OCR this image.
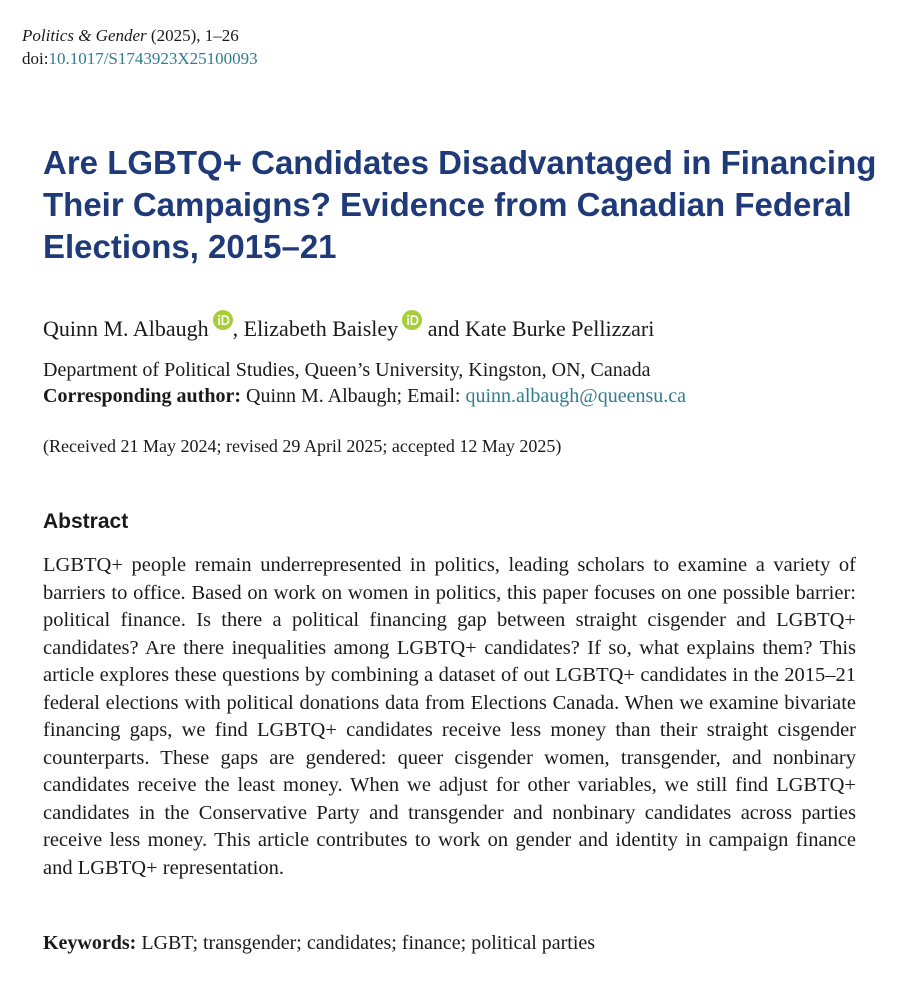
Politics & Gender (2025), 1–26
doi:10.1017/S1743923X25100093
Are LGBTQ+ Candidates Disadvantaged in Financing Their Campaigns? Evidence from Canadian Federal Elections, 2015–21
Quinn M. Albaugh , Elizabeth Baisley and Kate Burke Pellizzari
Department of Political Studies, Queen’s University, Kingston, ON, Canada
Corresponding author: Quinn M. Albaugh; Email: quinn.albaugh@queensu.ca
(Received 21 May 2024; revised 29 April 2025; accepted 12 May 2025)
Abstract

LGBTQ+ people remain underrepresented in politics, leading scholars to examine a variety of barriers to office. Based on work on women in politics, this paper focuses on one possible barrier: political finance. Is there a political financing gap between straight cisgender and LGBTQ+ candidates? Are there inequalities among LGBTQ+ candidates? If so, what explains them? This article explores these questions by combining a dataset of out LGBTQ+ candidates in the 2015–21 federal elections with political donations data from Elections Canada. When we examine bivariate financing gaps, we find LGBTQ+ candidates receive less money than their straight cisgender counterparts. These gaps are gendered: queer cisgender women, transgender, and nonbinary candidates receive the least money. When we adjust for other variables, we still find LGBTQ+ candidates in the Conservative Party and transgender and nonbinary candidates across parties receive less money. This article contributes to work on gender and identity in campaign finance and LGBTQ+ representation.

Keywords: LGBT; transgender; candidates; finance; political parties
